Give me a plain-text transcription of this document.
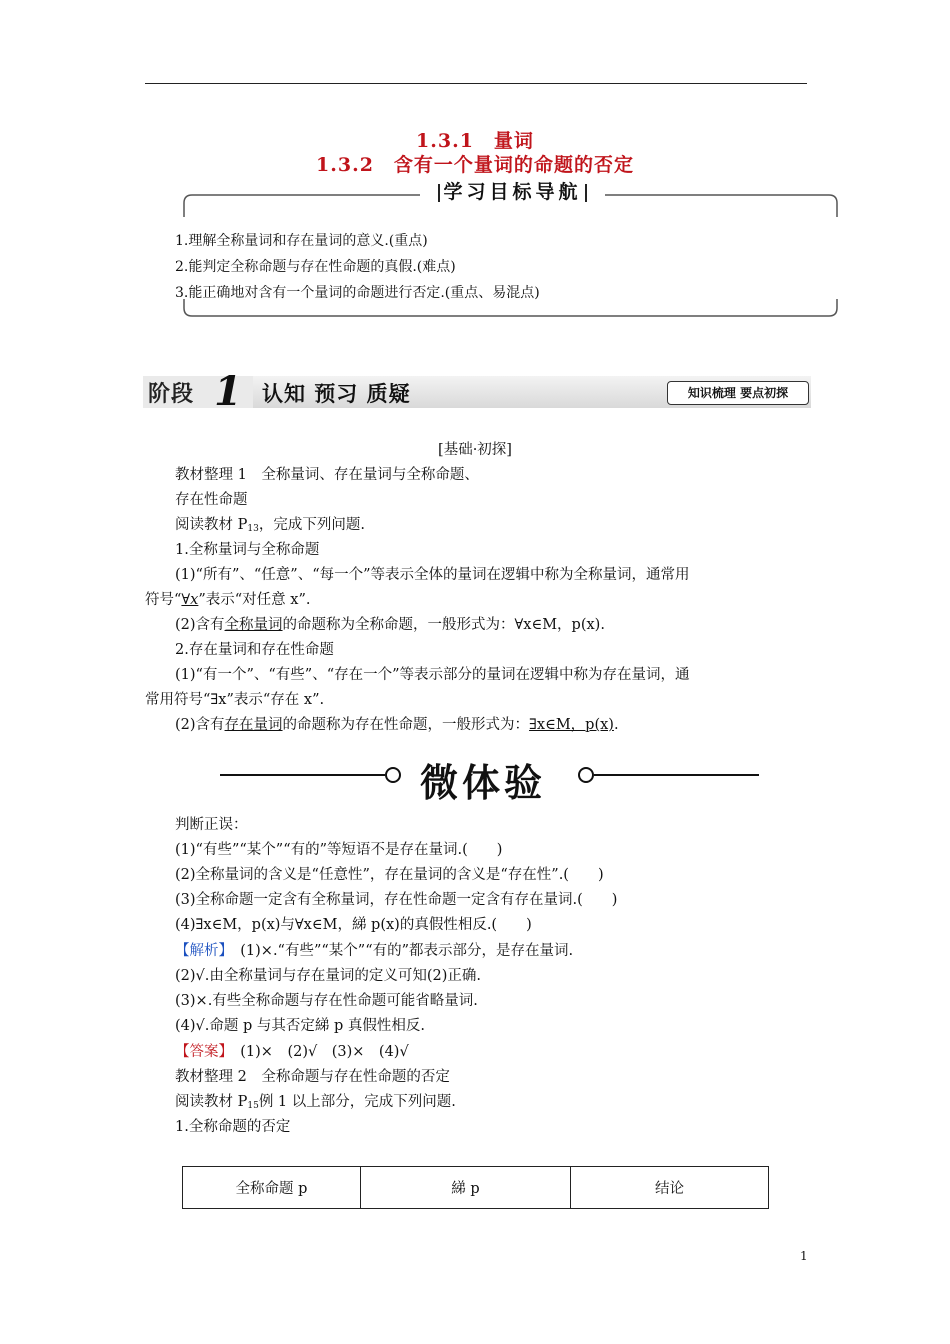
1.3.1　量词
1.3.2　含有一个量词的命题的否定
学习目标导航
1.理解全称量词和存在量词的意义.(重点)
2.能判定全称命题与存在性命题的真假.(难点)
3.能正确地对含有一个量词的命题进行否定.(重点、易混点)
阶段 1 认知 预习 质疑	知识梳理 要点初探
[基础·初探]
教材整理 1　全称量词、存在量词与全称命题、
存在性命题
阅读教材 $P_{13}$，完成下列问题.
1.全称量词与全称命题
(1)“所有”、“任意”、“每一个”等表示全体的量词在逻辑中称为全称量词，通常用
符号“∀x”表示“对任意 x”.
(2)含有全称量词的命题称为全称命题，一般形式为：∀x∈M，p(x).
2.存在量词和存在性命题
(1)“有一个”、“有些”、“存在一个”等表示部分的量词在逻辑中称为存在量词，通
常用符号“∃x”表示“存在 x”.
(2)含有存在量词的命题称为存在性命题，一般形式为：∃x∈M，p(x).
微体验
判断正误：
(1)“有些”“某个”“有的”等短语不是存在量词.(　　)
(2)全称量词的含义是“任意性”，存在量词的含义是“存在性”.(　　)
(3)全称命题一定含有全称量词，存在性命题一定含有存在量词.(　　)
(4)∃x∈M，p(x)与∀x∈M，綈 p(x)的真假性相反.(　　)
【解析】　(1)×.“有些”“某个”“有的”都表示部分，是存在量词.
(2)√.由全称量词与存在量词的定义可知(2)正确.
(3)×.有些全称命题与存在性命题可能省略量词.
(4)√.命题 p 与其否定綈 p 真假性相反.
【答案】　(1)×　(2)√　(3)×　(4)√
教材整理 2　全称命题与存在性命题的否定
阅读教材 $P_{15}$例 1 以上部分，完成下列问题.
1.全称命题的否定
全称命题 p	綈 p	结论
1
